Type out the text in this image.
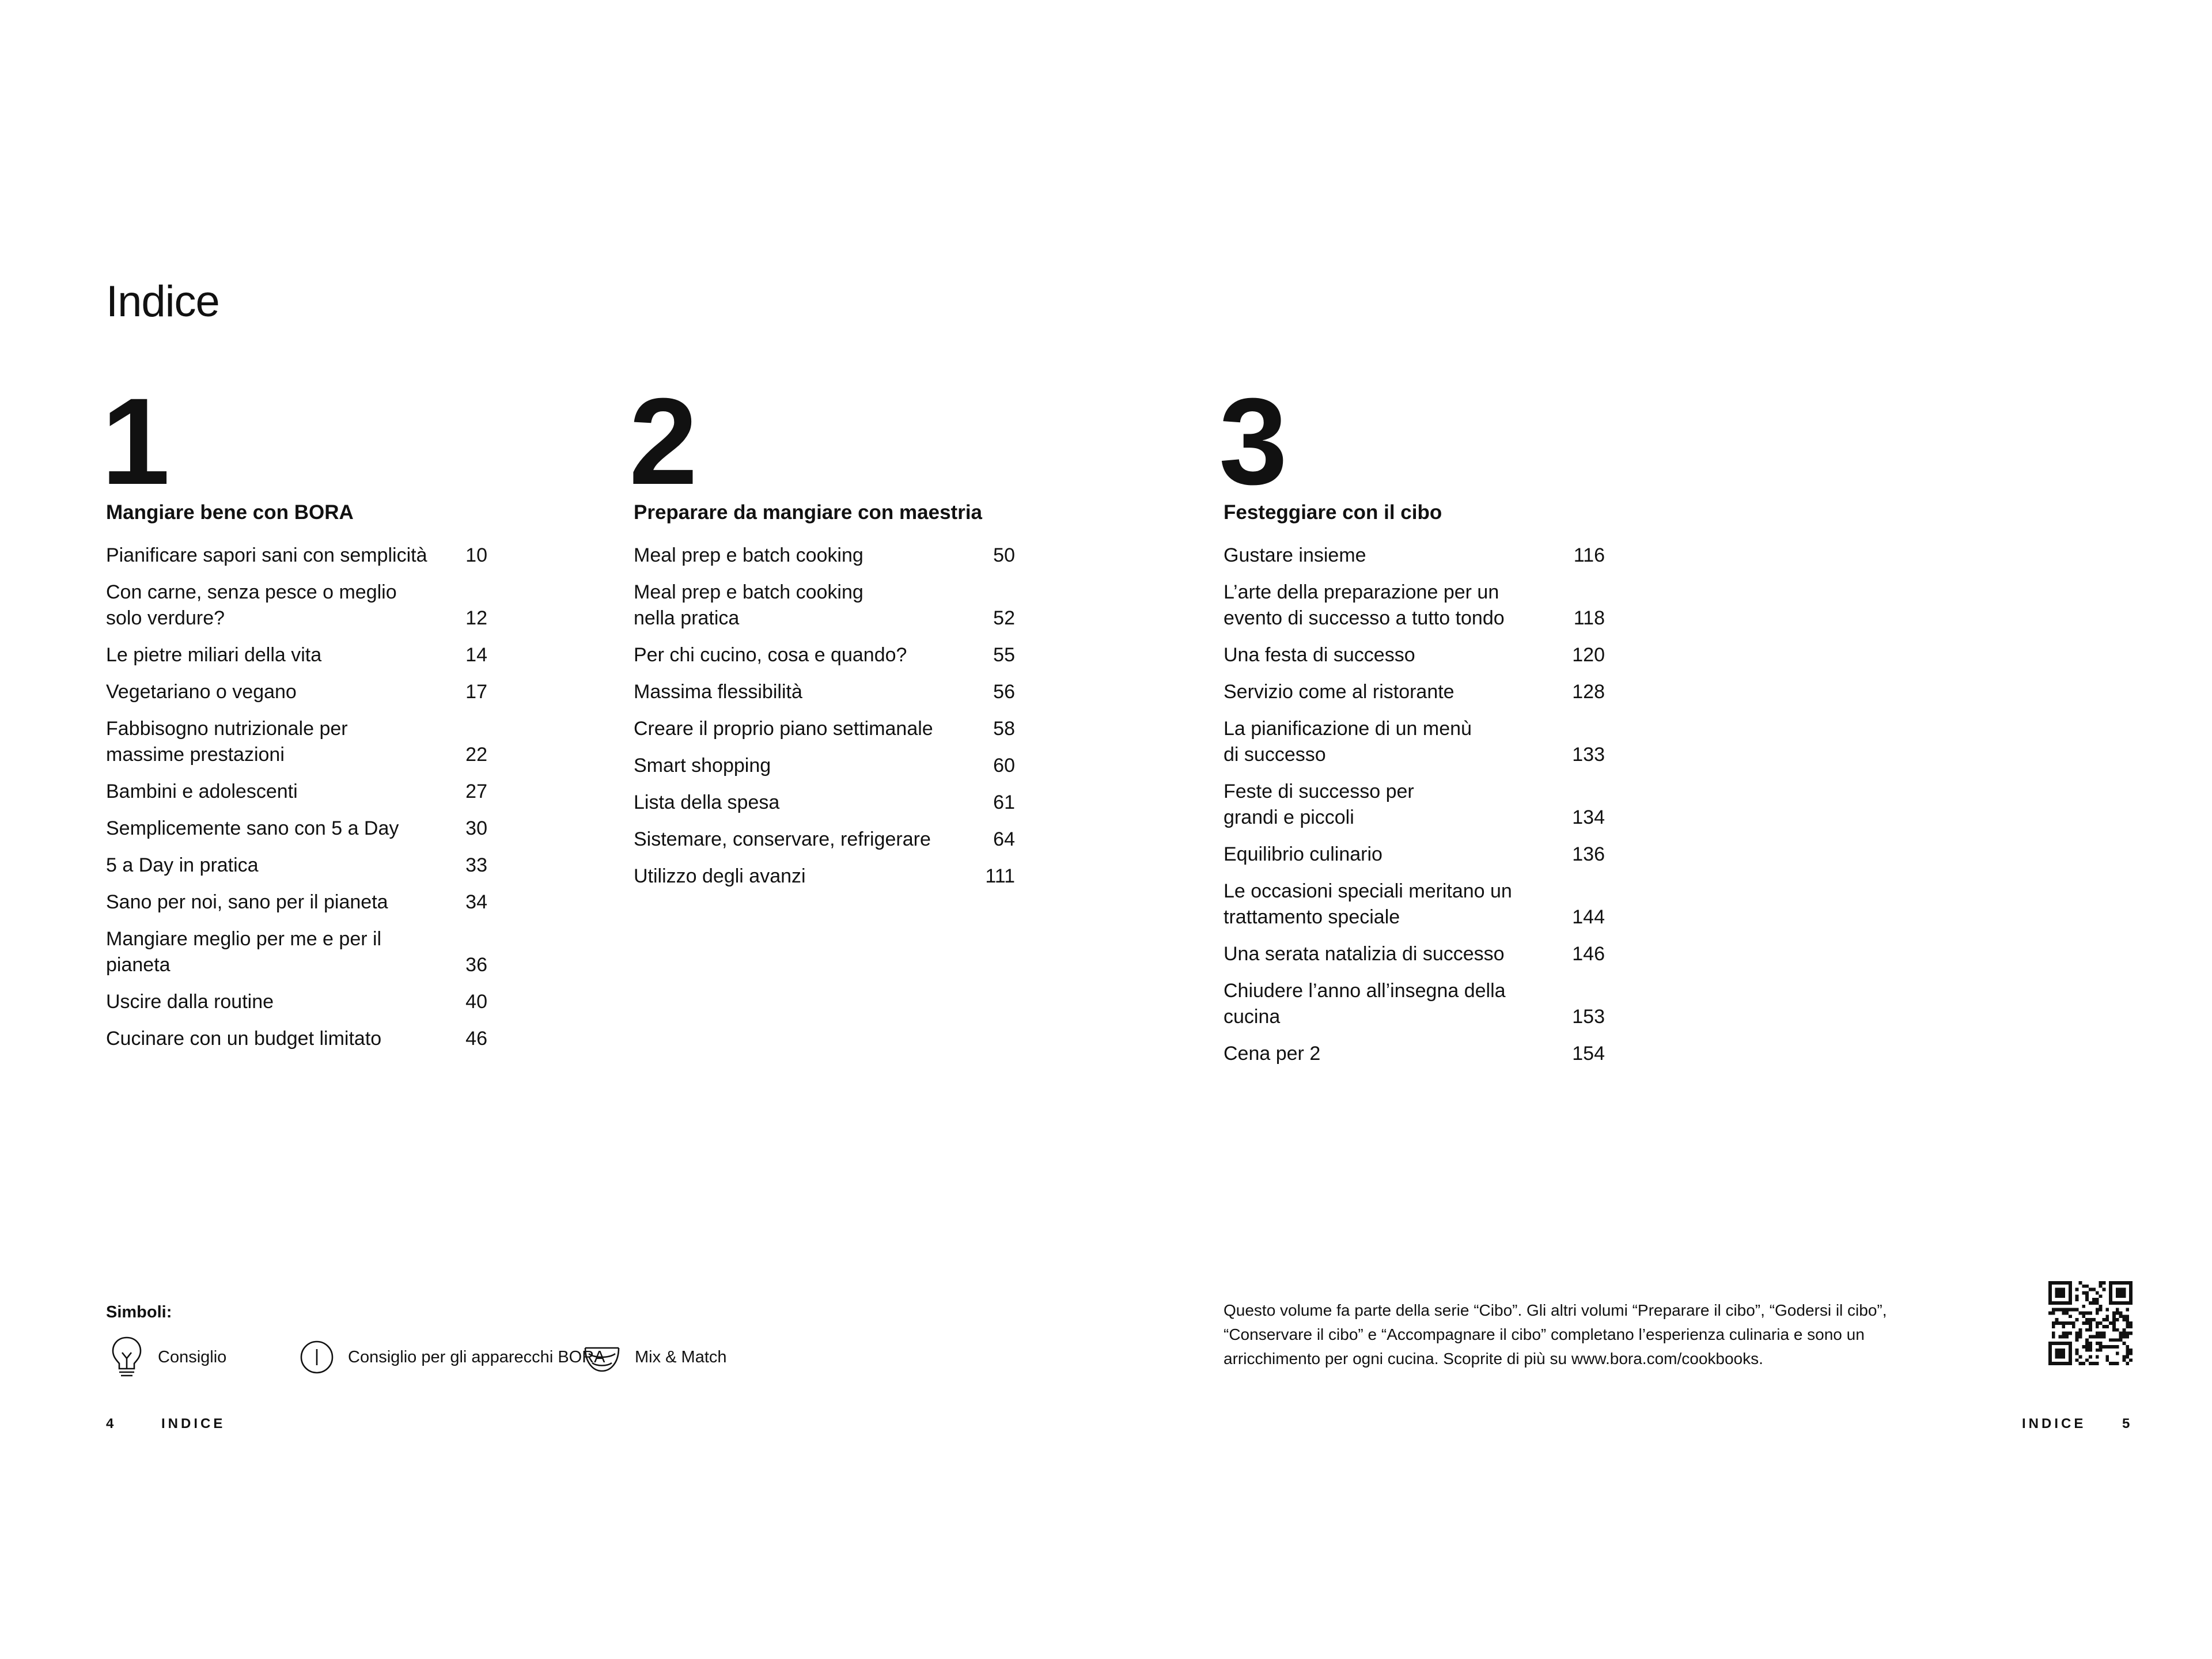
Indice
1
Mangiare bene con BORA
Pianificare sapori sani con semplicità	10
Con carne, senza pesce o meglio solo verdure?	12
Le pietre miliari della vita	14
Vegetariano o vegano	17
Fabbisogno nutrizionale per massime prestazioni	22
Bambini e adolescenti	27
Semplicemente sano con 5 a Day	30
5 a Day in pratica	33
Sano per noi, sano per il pianeta	34
Mangiare meglio per me e per il pianeta	36
Uscire dalla routine	40
Cucinare con un budget limitato	46
2
Preparare da mangiare con maestria
Meal prep e batch cooking	50
Meal prep e batch cooking nella pratica	52
Per chi cucino, cosa e quando?	55
Massima flessibilità	56
Creare il proprio piano settimanale	58
Smart shopping	60
Lista della spesa	61
Sistemare, conservare, refrigerare	64
Utilizzo degli avanzi	111
3
Festeggiare con il cibo
Gustare insieme	116
L’arte della preparazione per un evento di successo a tutto tondo	118
Una festa di successo	120
Servizio come al ristorante	128
La pianificazione di un menù di successo	133
Feste di successo per grandi e piccoli	134
Equilibrio culinario	136
Le occasioni speciali meritano un trattamento speciale	144
Una serata natalizia di successo	146
Chiudere l’anno all’insegna della cucina	153
Cena per 2	154
Simboli:
Consiglio	Consiglio per gli apparecchi BORA Mix & Match
Questo volume fa parte della serie “Cibo”. Gli altri volumi “Preparare il cibo”, “Godersi il cibo”, “Conservare il cibo” e “Accompagnare il cibo” completano l’esperienza culinaria e sono un arricchimento per ogni cucina. Scoprite di più su www.bora.com/cookbooks.
4	INDICE	INDICE	5
